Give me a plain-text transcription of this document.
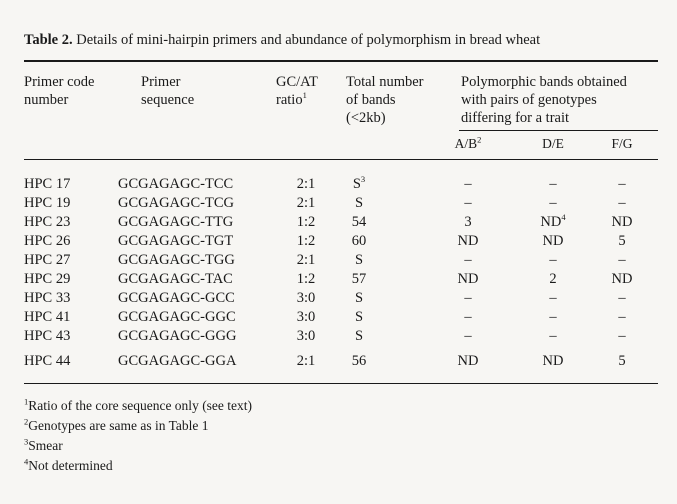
Table 2. Details of mini-hairpin primers and abundance of polymorphism in bread wheat
Primer code
number
Primer
sequence
GC/AT
ratio$^1$
Total number
of bands
(<2kb)
Polymorphic bands obtained
with pairs of genotypes
differing for a trait
$A/B^2$	D/E	F/G
HPC 17	GCGAGAGC-TCC	2:1	$S^3$	–	–	–
HPC 19	GCGAGAGC-TCG	2:1	S	–	–	–
HPC 23	GCGAGAGC-TTG	1:2	54	3	$ND^4$	ND
HPC 26	GCGAGAGC-TGT	1:2	60	ND	ND	5
HPC 27	GCGAGAGC-TGG	2:1	S	–	–	–
HPC 29	GCGAGAGC-TAC	1:2	57	ND	2	ND
HPC 33	GCGAGAGC-GCC	3:0	S	–	–	–
HPC 41	GCGAGAGC-GGC	3:0	S	–	–	–
HPC 43	GCGAGAGC-GGG	3:0	S	–	–	–
HPC 44	GCGAGAGC-GGA	2:1	56	ND	ND	5
$^1$Ratio of the core sequence only (see text)
$^2$Genotypes are same as in Table 1
$^3$Smear
$^4$Not determined
